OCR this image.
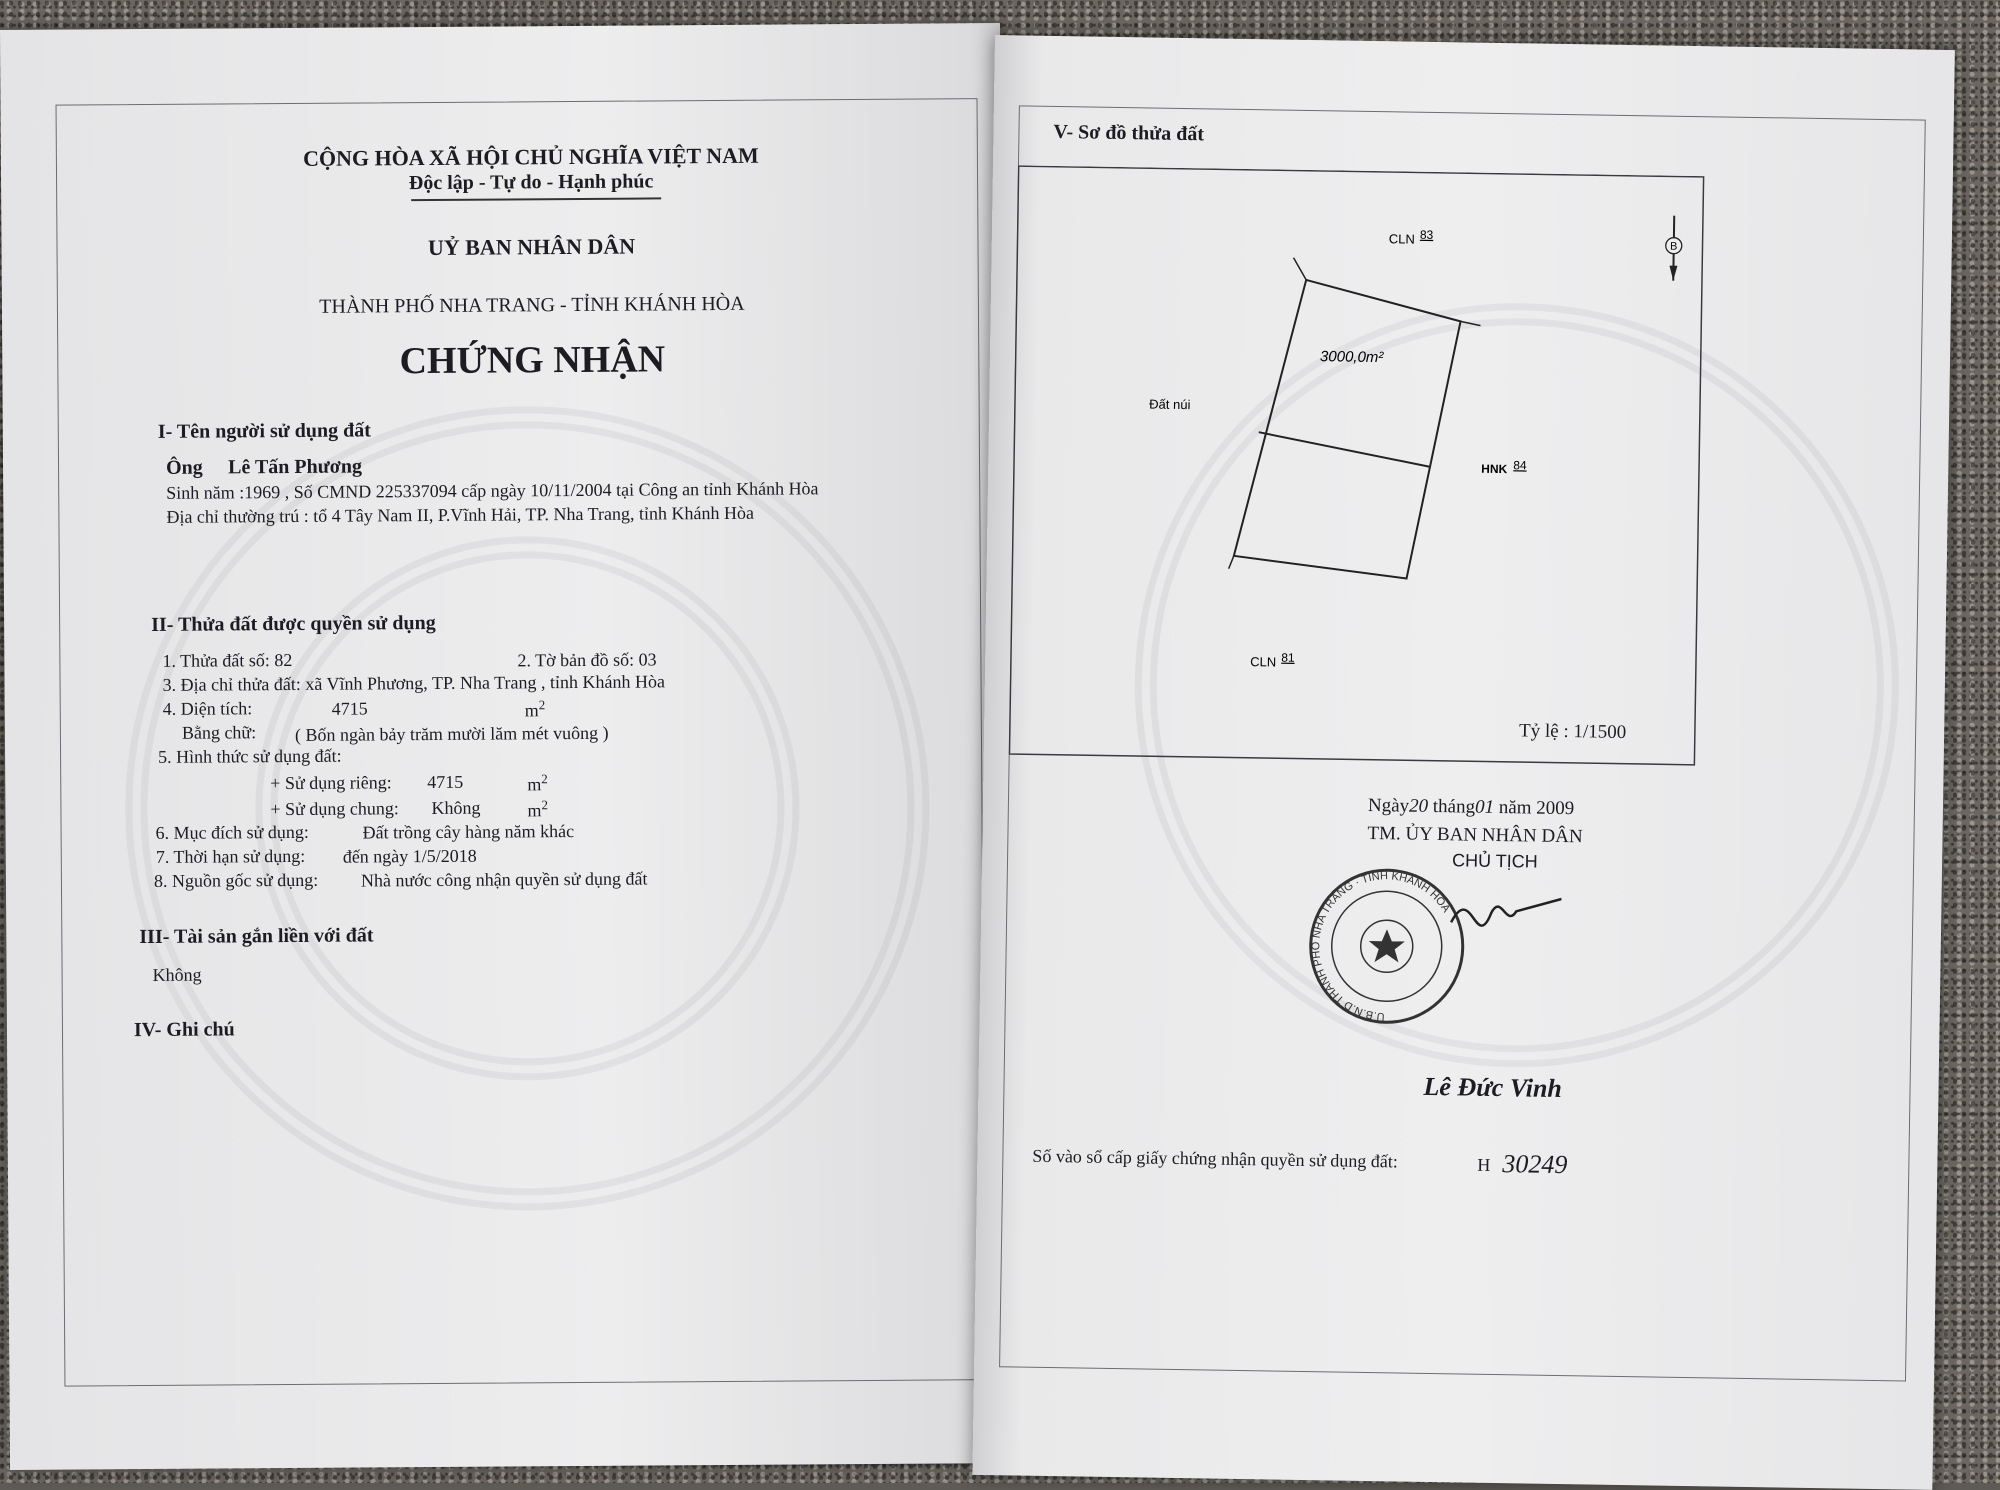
CỘNG HÒA XÃ HỘI CHỦ NGHĨA VIỆT NAM
Độc lập - Tự do - Hạnh phúc
UỶ BAN NHÂN DÂN
THÀNH PHỐ NHA TRANG - TỈNH KHÁNH HÒA
CHỨNG NHẬN
I- Tên người sử dụng đất
Ông Lê Tấn Phương
Sinh năm :1969 , Số CMND 225337094 cấp ngày 10/11/2004 tại Công an tỉnh Khánh Hòa
Địa chỉ thường trú : tổ 4 Tây Nam II, P.Vĩnh Hải, TP. Nha Trang, tỉnh Khánh Hòa
II- Thửa đất được quyền sử dụng
1. Thửa đất số: 82	2. Tờ bản đồ số: 03
3. Địa chỉ thửa đất: xã Vĩnh Phương, TP. Nha Trang , tỉnh Khánh Hòa
4. Diện tích:	4715	$m^2$
Bằng chữ: ( Bốn ngàn bảy trăm mười lăm mét vuông )
5. Hình thức sử dụng đất:
+ Sử dụng riêng: 4715	$m^2$
+ Sử dụng chung: Không	$m^2$
6. Mục đích sử dụng:	Đất trồng cây hàng năm khác
7. Thời hạn sử dụng: đến ngày 1/5/2018
8. Nguồn gốc sử dụng: Nhà nước công nhận quyền sử dụng đất
III- Tài sản gắn liền với đất
Không
IV- Ghi chú
V- Sơ đồ thửa đất
B
3000,0m²
Đất núi
CLN 83
HNK 84
CLN 81
Tỷ lệ : 1/1500
Ngày20 tháng01 năm 2009
TM. ỦY BAN NHÂN DÂN
CHỦ TỊCH
U.B.N.D THÀNH PHỐ NHA TRANG · TỈNH KHÁNH HÒA
Lê Đức Vinh
Số vào sổ cấp giấy chứng nhận quyền sử dụng đất:	H 30249
